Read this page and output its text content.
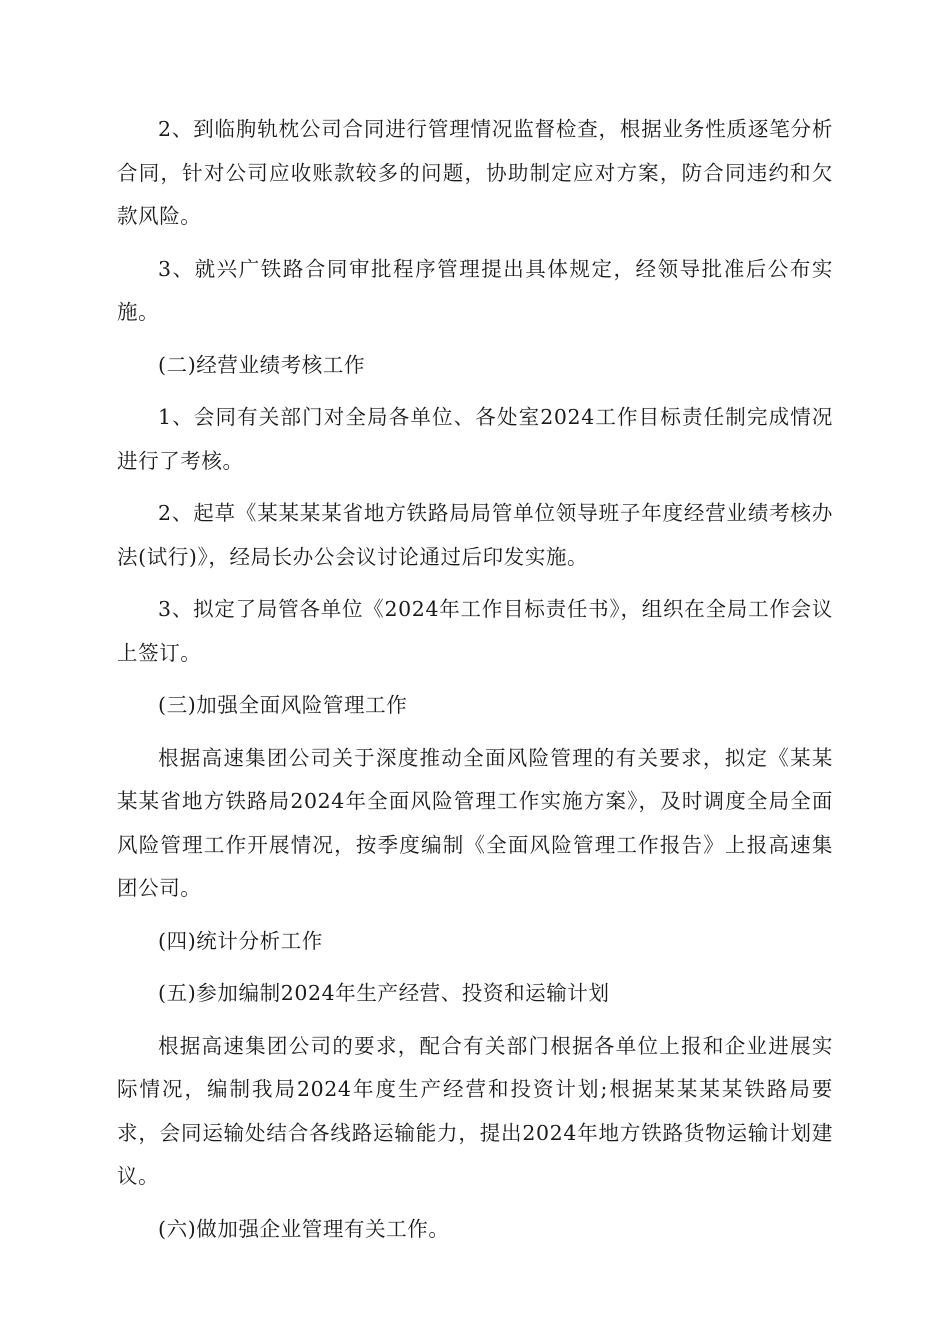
2、到临朐轨枕公司合同进行管理情况监督检查，根据业务性质逐笔分析合同，针对公司应收账款较多的问题，协助制定应对方案，防合同违约和欠款风险。

3、就兴广铁路合同审批程序管理提出具体规定，经领导批准后公布实施。

(二)经营业绩考核工作

1、会同有关部门对全局各单位、各处室2024工作目标责任制完成情况进行了考核。

2、起草《某某某某省地方铁路局局管单位领导班子年度经营业绩考核办法(试行)》，经局长办公会议讨论通过后印发实施。

3、拟定了局管各单位《2024年工作目标责任书》，组织在全局工作会议上签订。

(三)加强全面风险管理工作

根据高速集团公司关于深度推动全面风险管理的有关要求，拟定《某某某某省地方铁路局2024年全面风险管理工作实施方案》，及时调度全局全面风险管理工作开展情况，按季度编制《全面风险管理工作报告》上报高速集团公司。

(四)统计分析工作

(五)参加编制2024年生产经营、投资和运输计划

根据高速集团公司的要求，配合有关部门根据各单位上报和企业进展实际情况，编制我局2024年度生产经营和投资计划;根据某某某某铁路局要求，会同运输处结合各线路运输能力，提出2024年地方铁路货物运输计划建议。

(六)做加强企业管理有关工作。
